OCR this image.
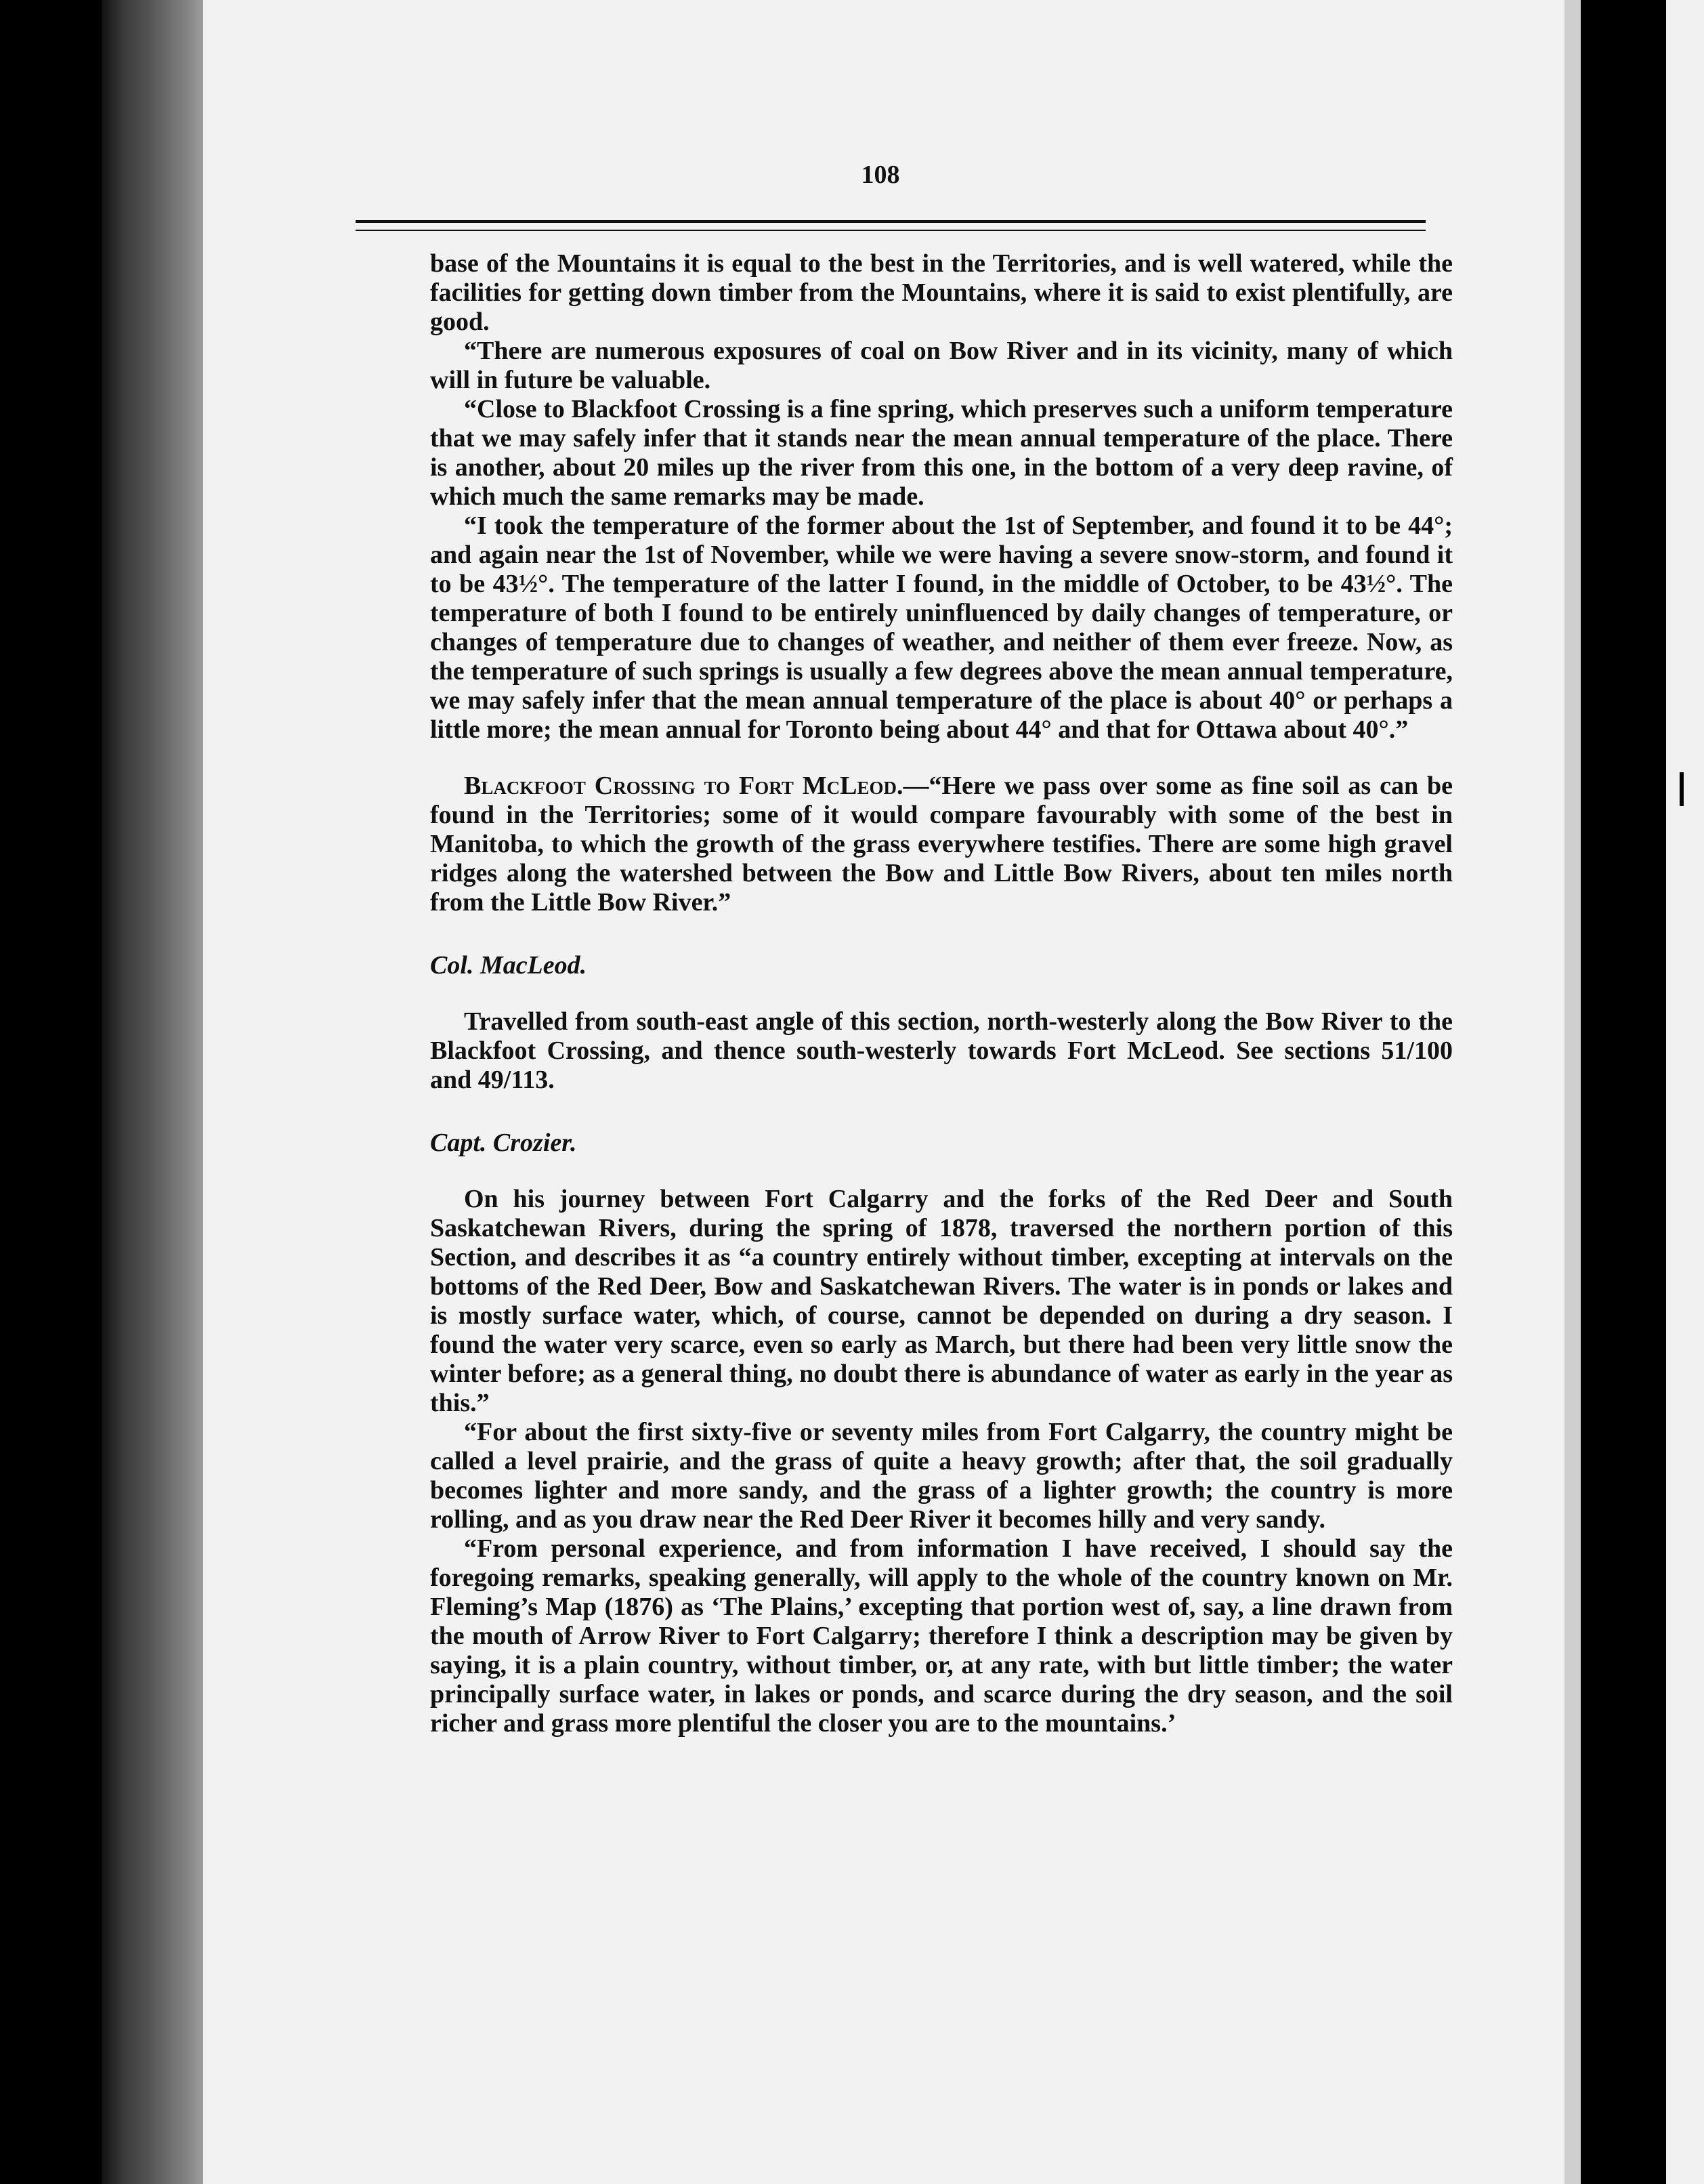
108

base of the Mountains it is equal to the best in the Territories, and is well watered, while the facilities for getting down timber from the Mountains, where it is said to exist plentifully, are good.

“There are numerous exposures of coal on Bow River and in its vicinity, many of which will in future be valuable.

“Close to Blackfoot Crossing is a fine spring, which preserves such a uniform temperature that we may safely infer that it stands near the mean annual temperature of the place. There is another, about 20 miles up the river from this one, in the bottom of a very deep ravine, of which much the same remarks may be made.

“I took the temperature of the former about the 1st of September, and found it to be 44°; and again near the 1st of November, while we were having a severe snow-storm, and found it to be 43½°. The temperature of the latter I found, in the middle of October, to be 43½°. The temperature of both I found to be entirely uninfluenced by daily changes of temperature, or changes of temperature due to changes of weather, and neither of them ever freeze. Now, as the temperature of such springs is usually a few degrees above the mean annual temperature, we may safely infer that the mean annual temperature of the place is about 40° or perhaps a little more; the mean annual for Toronto being about 44° and that for Ottawa about 40°.”

Blackfoot Crossing to Fort McLeod.—“Here we pass over some as fine soil as can be found in the Territories; some of it would compare favourably with some of the best in Manitoba, to which the growth of the grass everywhere testifies. There are some high gravel ridges along the watershed between the Bow and Little Bow Rivers, about ten miles north from the Little Bow River.”

Col. MacLeod.

Travelled from south-east angle of this section, north-westerly along the Bow River to the Blackfoot Crossing, and thence south-westerly towards Fort McLeod. See sections 51/100 and 49/113.

Capt. Crozier.

On his journey between Fort Calgarry and the forks of the Red Deer and South Saskatchewan Rivers, during the spring of 1878, traversed the northern portion of this Section, and describes it as “a country entirely without timber, excepting at intervals on the bottoms of the Red Deer, Bow and Saskatchewan Rivers. The water is in ponds or lakes and is mostly surface water, which, of course, cannot be depended on during a dry season. I found the water very scarce, even so early as March, but there had been very little snow the winter before; as a general thing, no doubt there is abundance of water as early in the year as this.”

“For about the first sixty-five or seventy miles from Fort Calgarry, the country might be called a level prairie, and the grass of quite a heavy growth; after that, the soil gradually becomes lighter and more sandy, and the grass of a lighter growth; the country is more rolling, and as you draw near the Red Deer River it becomes hilly and very sandy.

“From personal experience, and from information I have received, I should say the foregoing remarks, speaking generally, will apply to the whole of the country known on Mr. Fleming’s Map (1876) as ‘The Plains,’ excepting that portion west of, say, a line drawn from the mouth of Arrow River to Fort Calgarry; therefore I think a description may be given by saying, it is a plain country, without timber, or, at any rate, with but little timber; the water principally surface water, in lakes or ponds, and scarce during the dry season, and the soil richer and grass more plentiful the closer you are to the mountains.’
